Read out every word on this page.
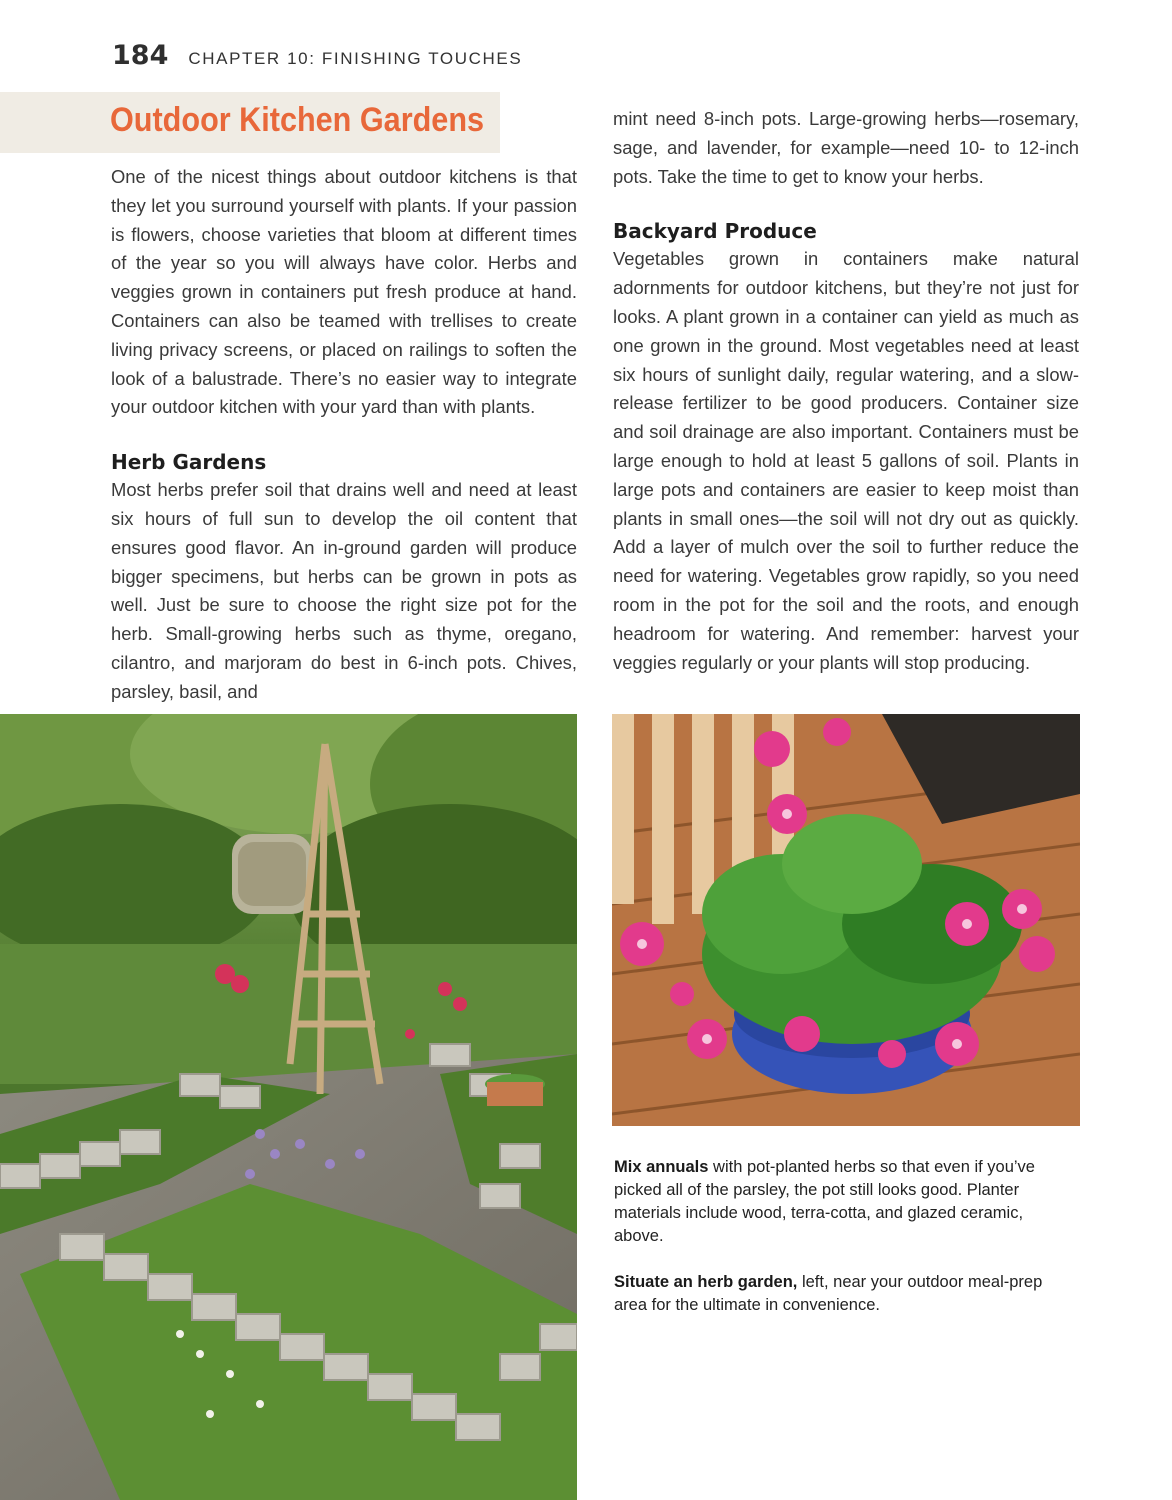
184 CHAPTER 10: FINISHING TOUCHES
Outdoor Kitchen Gardens

One of the nicest things about outdoor kitchens is that they let you surround yourself with plants. If your passion is flowers, choose varieties that bloom at different times of the year so you will always have color. Herbs and veggies grown in containers put fresh produce at hand. Containers can also be teamed with trellises to create living privacy screens, or placed on railings to soften the look of a balustrade. There’s no easier way to integrate your outdoor kitchen with your yard than with plants.

Herb Gardens

Most herbs prefer soil that drains well and need at least six hours of full sun to develop the oil content that ensures good flavor. An in-ground garden will produce bigger specimens, but herbs can be grown in pots as well. Just be sure to choose the right size pot for the herb. Small-growing herbs such as thyme, oregano, cilantro, and marjoram do best in 6-inch pots. Chives, parsley, basil, and

mint need 8-inch pots. Large-growing herbs—rosemary, sage, and lavender, for example—need 10- to 12-inch pots. Take the time to get to know your herbs.

Backyard Produce

Vegetables grown in containers make natural adornments for outdoor kitchens, but they’re not just for looks. A plant grown in a container can yield as much as one grown in the ground. Most vegetables need at least six hours of sunlight daily, regular watering, and a slow-release fertilizer to be good producers. Container size and soil drainage are also important. Containers must be large enough to hold at least 5 gallons of soil. Plants in large pots and containers are easier to keep moist than plants in small ones—the soil will not dry out as quickly. Add a layer of mulch over the soil to further reduce the need for watering. Vegetables grow rapidly, so you need room in the pot for the soil and the roots, and enough headroom for watering. And remember: harvest your veggies regularly or your plants will stop producing.

Mix annuals with pot-planted herbs so that even if you’ve picked all of the parsley, the pot still looks good. Planter materials include wood, terra-cotta, and glazed ceramic, above.

Situate an herb garden, left, near your outdoor meal-prep area for the ultimate in convenience.
